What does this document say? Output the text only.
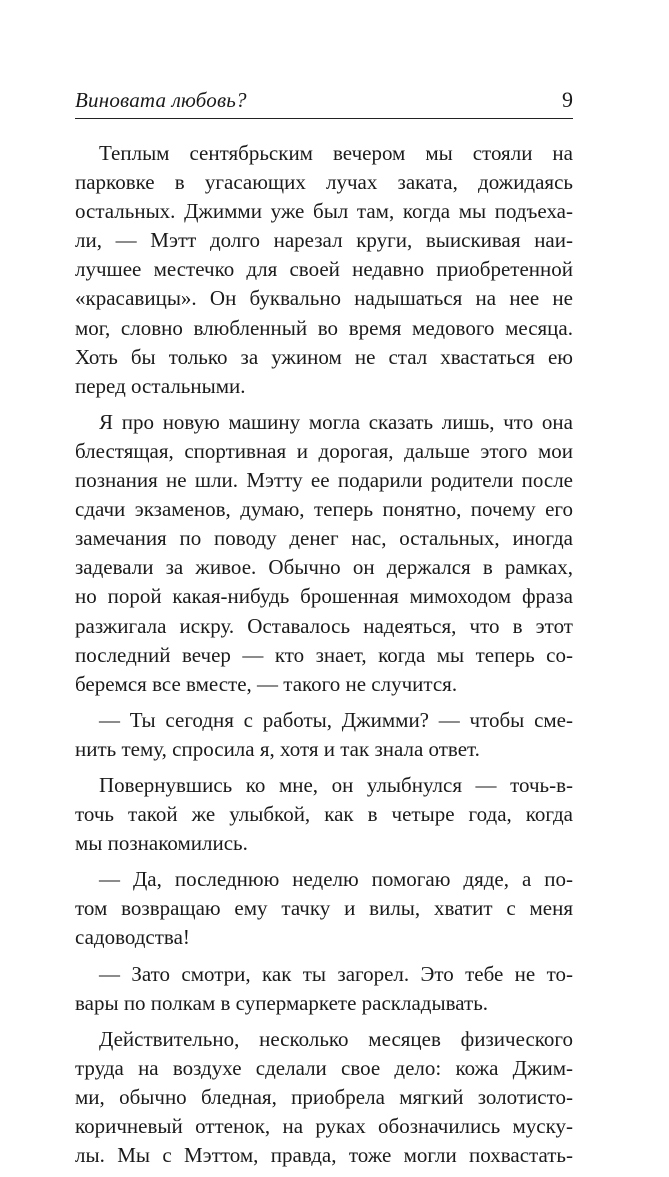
Виновата любовь?	9
Теплым сентябрьским вечером мы стояли на
парковке в угасающих лучах заката, дожидаясь
остальных. Джимми уже был там, когда мы подъеха-
ли, — Мэтт долго нарезал круги, выискивая наи-
лучшее местечко для своей недавно приобретенной
«красавицы». Он буквально надышаться на нее не
мог, словно влюбленный во время медового месяца.
Хоть бы только за ужином не стал хвастаться ею
перед остальными.
Я про новую машину могла сказать лишь, что она
блестящая, спортивная и дорогая, дальше этого мои
познания не шли. Мэтту ее подарили родители после
сдачи экзаменов, думаю, теперь понятно, почему его
замечания по поводу денег нас, остальных, иногда
задевали за живое. Обычно он держался в рамках,
но порой какая-нибудь брошенная мимоходом фраза
разжигала искру. Оставалось надеяться, что в этот
последний вечер — кто знает, когда мы теперь со-
беремся все вместе, — такого не случится.
— Ты сегодня с работы, Джимми? — чтобы сме-
нить тему, спросила я, хотя и так знала ответ.
Повернувшись ко мне, он улыбнулся — точь-в-
точь такой же улыбкой, как в четыре года, когда
мы познакомились.
— Да, последнюю неделю помогаю дяде, а по-
том возвращаю ему тачку и вилы, хватит с меня
садоводства!
— Зато смотри, как ты загорел. Это тебе не то-
вары по полкам в супермаркете раскладывать.
Действительно, несколько месяцев физического
труда на воздухе сделали свое дело: кожа Джим-
ми, обычно бледная, приобрела мягкий золотисто-
коричневый оттенок, на руках обозначились муску-
лы. Мы с Мэттом, правда, тоже могли похвастать-
